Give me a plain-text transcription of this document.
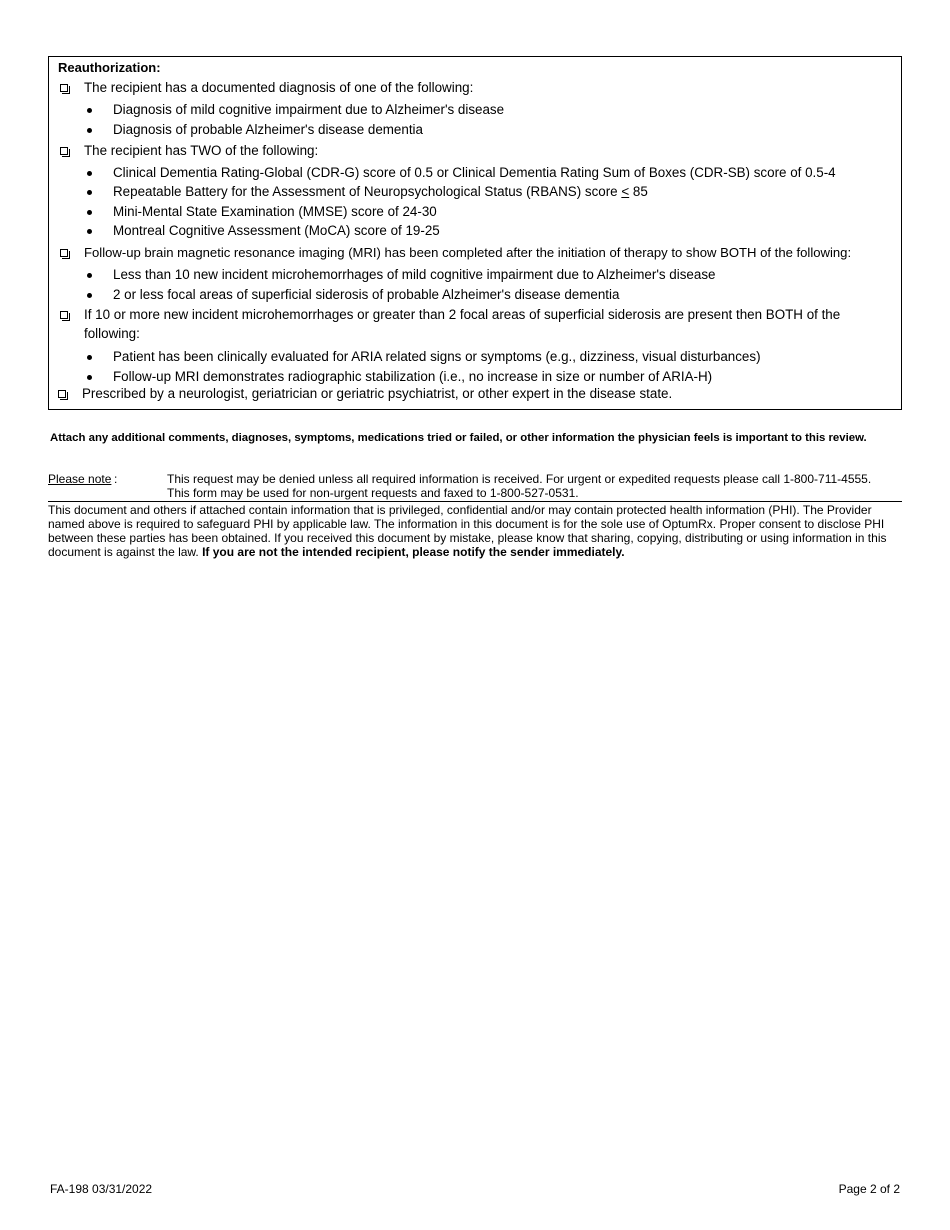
Reauthorization:
The recipient has a documented diagnosis of one of the following:
Diagnosis of mild cognitive impairment due to Alzheimer's disease
Diagnosis of probable Alzheimer's disease dementia
The recipient has TWO of the following:
Clinical Dementia Rating-Global (CDR-G) score of 0.5 or Clinical Dementia Rating Sum of Boxes (CDR-SB) score of 0.5-4
Repeatable Battery for the Assessment of Neuropsychological Status (RBANS) score ≤ 85
Mini-Mental State Examination (MMSE) score of 24-30
Montreal Cognitive Assessment (MoCA) score of 19-25
Follow-up brain magnetic resonance imaging (MRI) has been completed after the initiation of therapy to show BOTH of the following:
Less than 10 new incident microhemorrhages of mild cognitive impairment due to Alzheimer's disease
2 or less focal areas of superficial siderosis of probable Alzheimer's disease dementia
If 10 or more new incident microhemorrhages or greater than 2 focal areas of superficial siderosis are present then BOTH of the
following:
Patient has been clinically evaluated for ARIA related signs or symptoms (e.g., dizziness, visual disturbances)
Follow-up MRI demonstrates radiographic stabilization (i.e., no increase in size or number of ARIA-H)
Prescribed by a neurologist, geriatrician or geriatric psychiatrist, or other expert in the disease state.
Attach any additional comments, diagnoses, symptoms, medications tried or failed, or other information the physician feels is important to this review.
Please note :	This request may be denied unless all required information is received. For urgent or expedited requests please call 1-800-711-4555.
This form may be used for non-urgent requests and faxed to 1-800-527-0531.
This document and others if attached contain information that is privileged, confidential and/or may contain protected health information (PHI). The Provider named above is required to safeguard PHI by applicable law. The information in this document is for the sole use of OptumRx. Proper consent to disclose PHI between these parties has been obtained. If you received this document by mistake, please know that sharing, copying, distributing or using information in this document is against the law. If you are not the intended recipient, please notify the sender immediately.
FA-198 03/31/2022	Page 2 of 2
